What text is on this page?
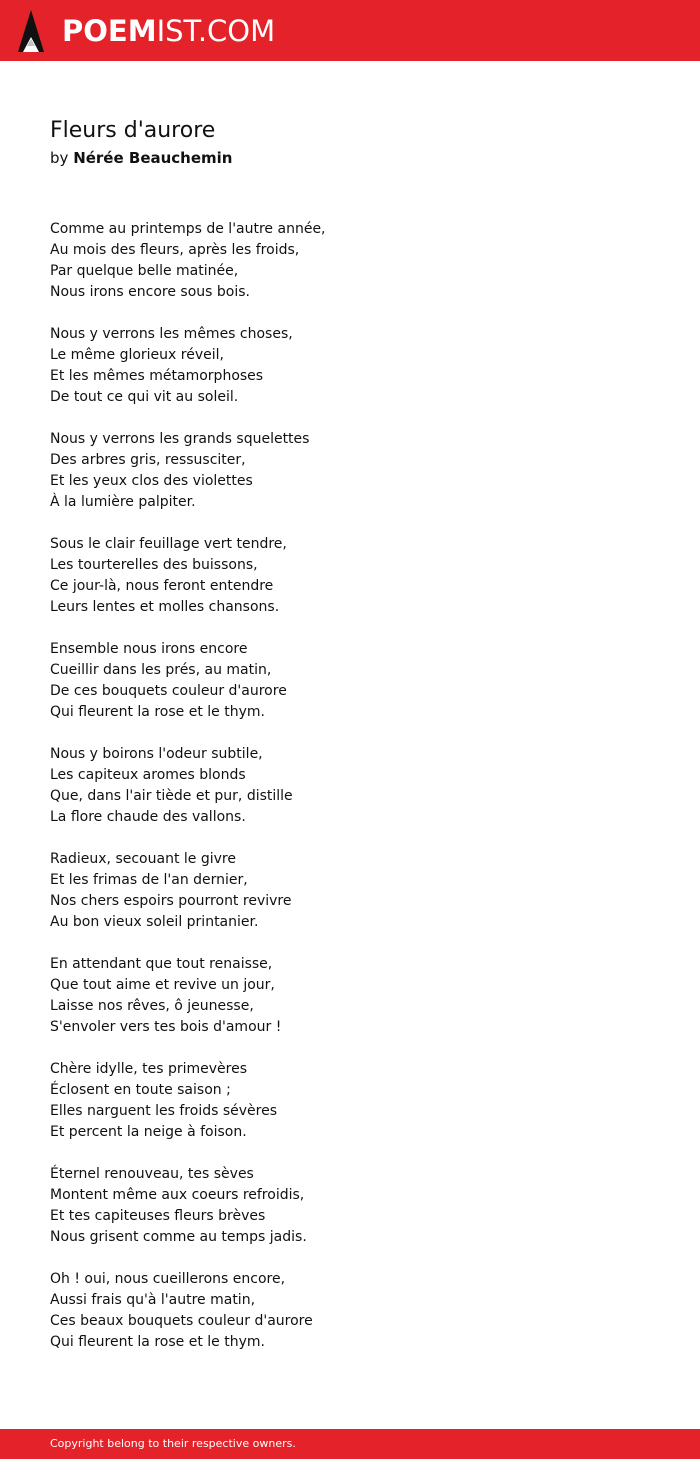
POEMIST.COM
Fleurs d'aurore
by Nérée Beauchemin
Comme au printemps de l'autre année,
Au mois des fleurs, après les froids,
Par quelque belle matinée,
Nous irons encore sous bois.
Nous y verrons les mêmes choses,
Le même glorieux réveil,
Et les mêmes métamorphoses
De tout ce qui vit au soleil.
Nous y verrons les grands squelettes
Des arbres gris, ressusciter,
Et les yeux clos des violettes
À la lumière palpiter.
Sous le clair feuillage vert tendre,
Les tourterelles des buissons,
Ce jour-là, nous feront entendre
Leurs lentes et molles chansons.
Ensemble nous irons encore
Cueillir dans les prés, au matin,
De ces bouquets couleur d'aurore
Qui fleurent la rose et le thym.
Nous y boirons l'odeur subtile,
Les capiteux aromes blonds
Que, dans l'air tiède et pur, distille
La flore chaude des vallons.
Radieux, secouant le givre
Et les frimas de l'an dernier,
Nos chers espoirs pourront revivre
Au bon vieux soleil printanier.
En attendant que tout renaisse,
Que tout aime et revive un jour,
Laisse nos rêves, ô jeunesse,
S'envoler vers tes bois d'amour !
Chère idylle, tes primevères
Éclosent en toute saison ;
Elles narguent les froids sévères
Et percent la neige à foison.
Éternel renouveau, tes sèves
Montent même aux coeurs refroidis,
Et tes capiteuses fleurs brèves
Nous grisent comme au temps jadis.
Oh ! oui, nous cueillerons encore,
Aussi frais qu'à l'autre matin,
Ces beaux bouquets couleur d'aurore
Qui fleurent la rose et le thym.
Copyright belong to their respective owners.
